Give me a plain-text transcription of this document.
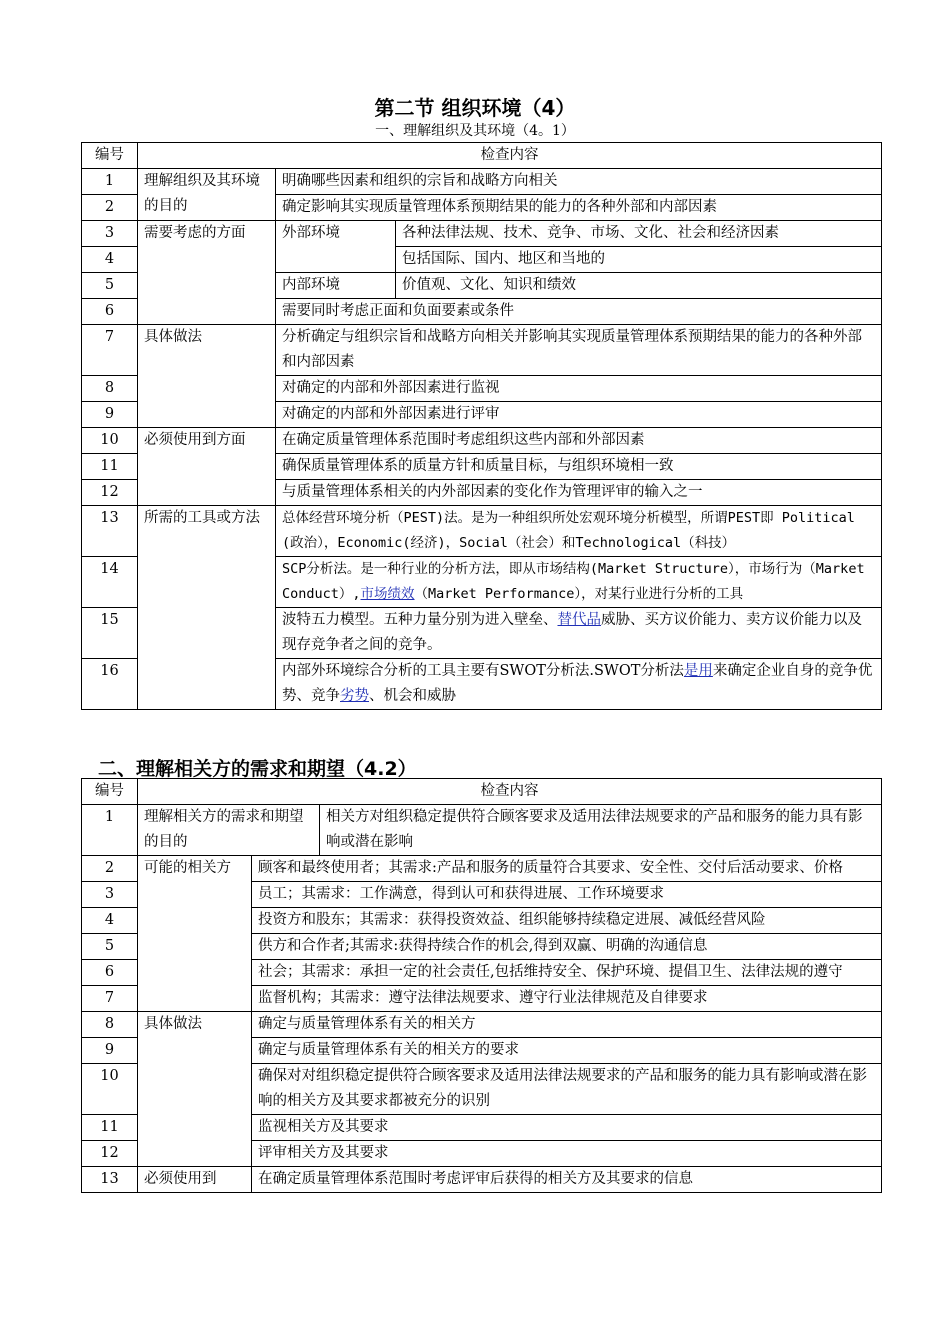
第二节 组织环境（4）
一、理解组织及其环境（4。1）
编号	检查内容		
1	理解组织及其环境的目的	明确哪些因素和组织的宗旨和战略方向相关	
2		确定影响其实现质量管理体系预期结果的能力的各种外部和内部因素	
3	需要考虑的方面	外部环境	各种法律法规、技术、竞争、市场、文化、社会和经济因素
4			包括国际、国内、地区和当地的
5		内部环境	价值观、文化、知识和绩效
6		需要同时考虑正面和负面要素或条件	
7	具体做法	分析确定与组织宗旨和战略方向相关并影响其实现质量管理体系预期结果的能力的各种外部和内部因素	
8		对确定的内部和外部因素进行监视	
9		对确定的内部和外部因素进行评审	
10	必须使用到方面	在确定质量管理体系范围时考虑组织这些内部和外部因素	
11		确保质量管理体系的质量方针和质量目标，与组织环境相一致	
12		与质量管理体系相关的内外部因素的变化作为管理评审的输入之一	
13	所需的工具或方法	总体经营环境分析（PEST)法。是为一种组织所处宏观环境分析模型，所谓PEST即 Political(政治），Economic(经济)，Social（社会）和Technological（科技）	
14		SCP分析法。是一种行业的分析方法，即从市场结构(Market Structure），市场行为（Market Conduct）,市场绩效（Market Performance），对某行业进行分析的工具	
15		波特五力模型。五种力量分别为进入壁垒、替代品威胁、买方议价能力、卖方议价能力以及现存竞争者之间的竞争。	
16		内部外环境综合分析的工具主要有SWOT分析法.SWOT分析法是用来确定企业自身的竞争优势、竞争劣势、机会和威胁	
二、理解相关方的需求和期望（4.2）
编号	检查内容		
1	理解相关方的需求和期望的目的		相关方对组织稳定提供符合顾客要求及适用法律法规要求的产品和服务的能力具有影响或潜在影响
2	可能的相关方	顾客和最终使用者；其需求:产品和服务的质量符合其要求、安全性、交付后活动要求、价格	
3		员工；其需求：工作满意，得到认可和获得进展、工作环境要求	
4		投资方和股东；其需求：获得投资效益、组织能够持续稳定进展、减低经营风险	
5		供方和合作者;其需求:获得持续合作的机会,得到双赢、明确的沟通信息	
6		社会；其需求：承担一定的社会责任,包括维持安全、保护环境、提倡卫生、法律法规的遵守	
7		监督机构；其需求：遵守法律法规要求、遵守行业法律规范及自律要求	
8	具体做法	确定与质量管理体系有关的相关方	
9		确定与质量管理体系有关的相关方的要求	
10		确保对对组织稳定提供符合顾客要求及适用法律法规要求的产品和服务的能力具有影响或潜在影响的相关方及其要求都被充分的识别	
11		监视相关方及其要求	
12		评审相关方及其要求	
13	必须使用到	在确定质量管理体系范围时考虑评审后获得的相关方及其要求的信息	
